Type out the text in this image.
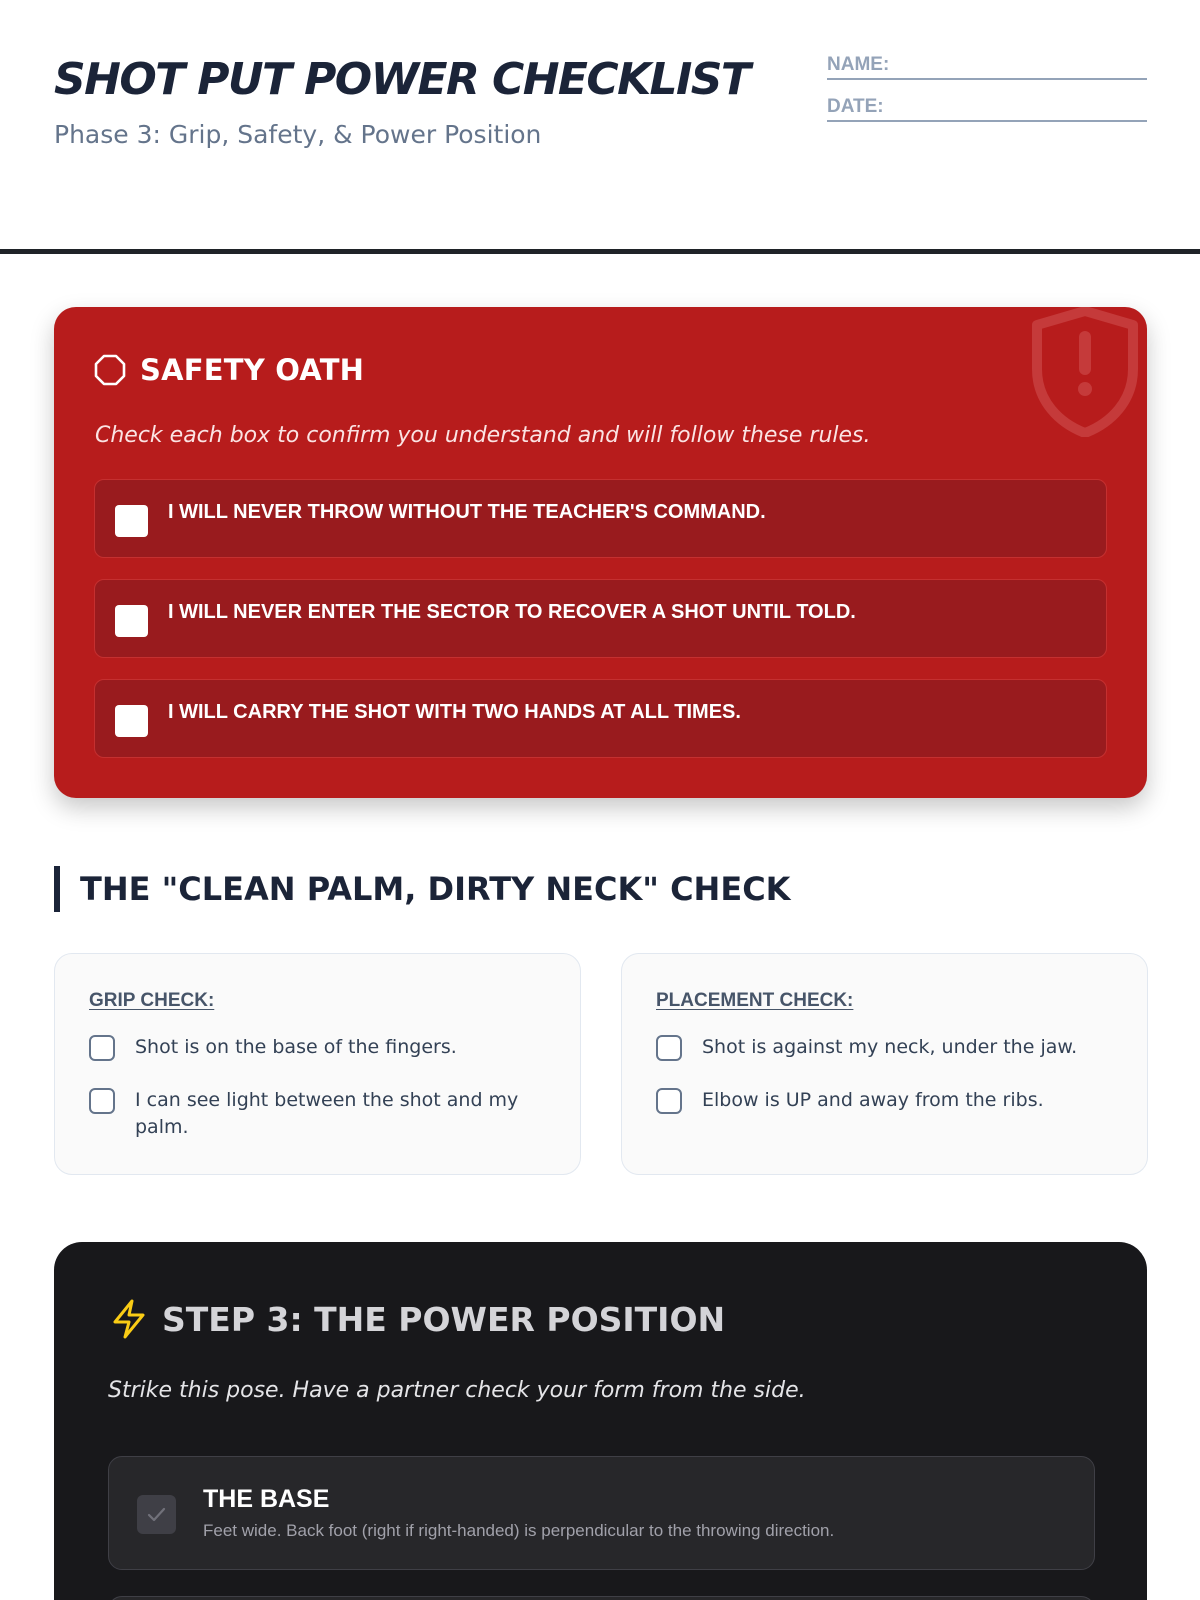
SHOT PUT POWER CHECKLIST
Phase 3: Grip, Safety, & Power Position
NAME:
DATE:
SAFETY OATH
Check each box to confirm you understand and will follow these rules.
I WILL NEVER THROW WITHOUT THE TEACHER'S COMMAND.
I WILL NEVER ENTER THE SECTOR TO RECOVER A SHOT UNTIL TOLD.
I WILL CARRY THE SHOT WITH TWO HANDS AT ALL TIMES.
THE "CLEAN PALM, DIRTY NECK" CHECK
GRIP CHECK:
Shot is on the base of the fingers.
I can see light between the shot and my palm.
PLACEMENT CHECK:
Shot is against my neck, under the jaw.
Elbow is UP and away from the ribs.
STEP 3: THE POWER POSITION
Strike this pose. Have a partner check your form from the side.
THE BASE
Feet wide. Back foot (right if right-handed) is perpendicular to the throwing direction.
